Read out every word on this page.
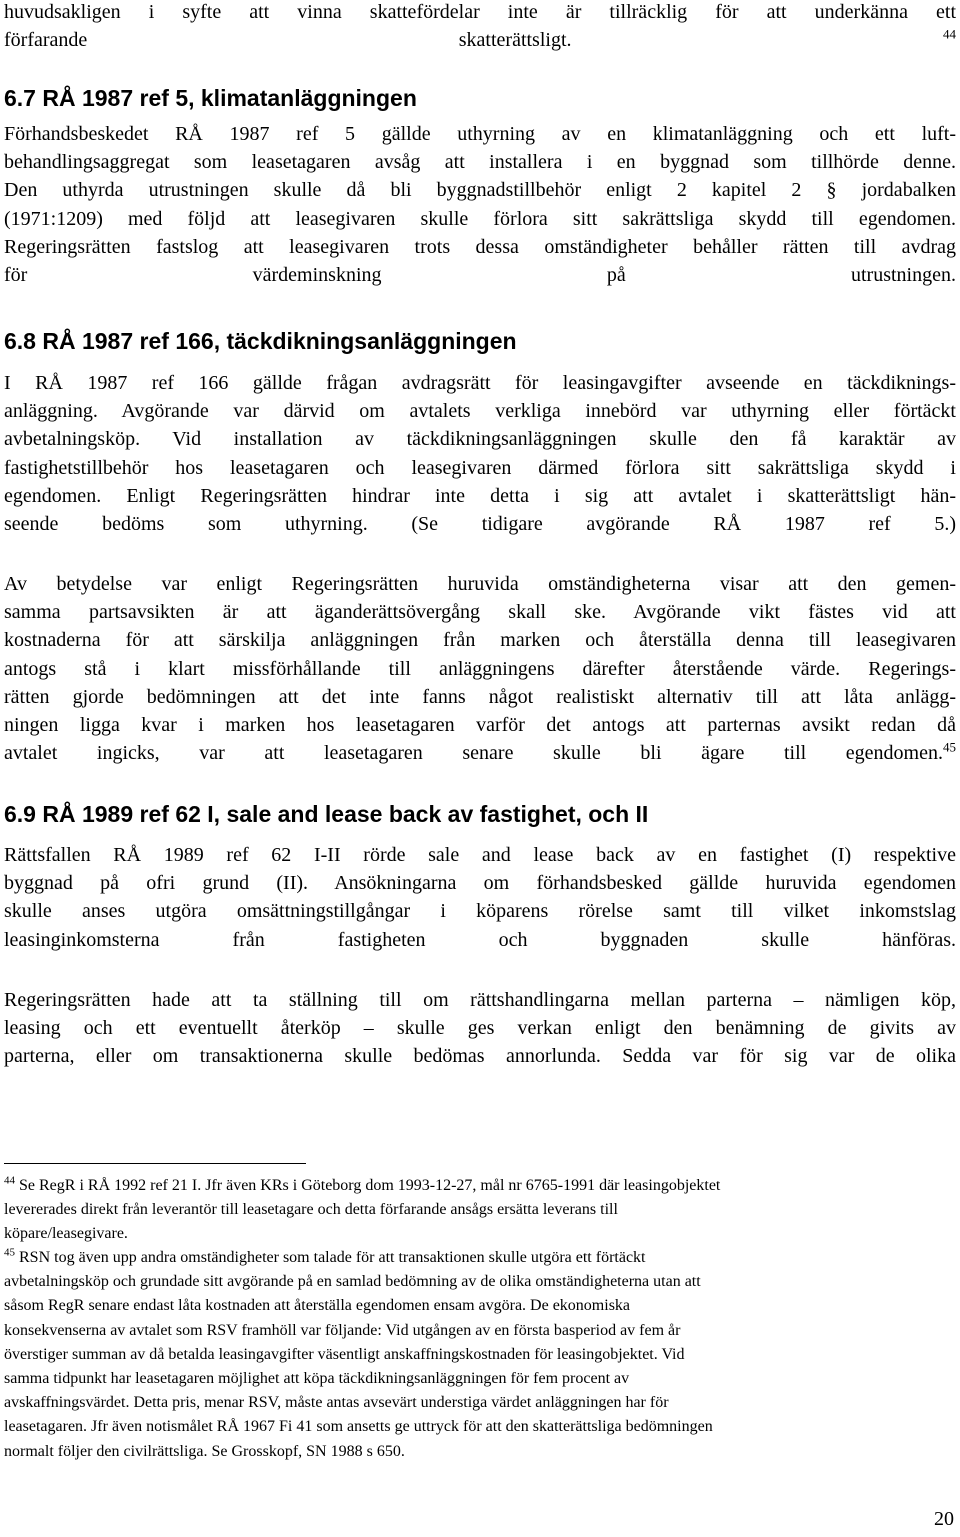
huvudsakligen i syfte att vinna skattefördelar inte är tillräcklig för att underkänna ett
förfarande skatterättsligt.	$^{44}$
6.7 RÅ 1987 ref 5, klimatanläggningen
Förhandsbeskedet RÅ 1987 ref 5 gällde uthyrning av en klimatanläggning och ett luft-
behandlingsaggregat som leasetagaren avsåg att installera i en byggnad som tillhörde denne.
Den uthyrda utrustningen skulle då bli byggnadstillbehör enligt 2 kapitel 2 § jordabalken
(1971:1209) med följd att leasegivaren skulle förlora sitt sakrättsliga skydd till egendomen.
Regeringsrätten fastslog att leasegivaren trots dessa omständigheter behåller rätten till avdrag
för värdeminskning på utrustningen.
6.8 RÅ 1987 ref 166, täckdikningsanläggningen
I RÅ 1987 ref 166 gällde frågan avdragsrätt för leasingavgifter avseende en täckdiknings-
anläggning. Avgörande var därvid om avtalets verkliga innebörd var uthyrning eller förtäckt
avbetalningsköp. Vid installation av täckdikningsanläggningen skulle den få karaktär av
fastighetstillbehör hos leasetagaren och leasegivaren därmed förlora sitt sakrättsliga skydd i
egendomen. Enligt Regeringsrätten hindrar inte detta i sig att avtalet i skatterättsligt hän-
seende bedöms som uthyrning. (Se tidigare avgörande RÅ 1987 ref 5.)
Av betydelse var enligt Regeringsrätten huruvida omständigheterna visar att den gemen-
samma partsavsikten är att äganderättsövergång skall ske. Avgörande vikt fästes vid att
kostnaderna för att särskilja anläggningen från marken och återställa denna till leasegivaren
antogs stå i klart missförhållande till anläggningens därefter återstående värde. Regerings-
rätten gjorde bedömningen att det inte fanns något realistiskt alternativ till att låta anlägg-
ningen ligga kvar i marken hos leasetagaren varför det antogs att parternas avsikt redan då
avtalet ingicks, var att leasetagaren senare skulle bli ägare till egendomen.$^{45}$
6.9 RÅ 1989 ref 62 I, sale and lease back av fastighet, och II
Rättsfallen RÅ 1989 ref 62 I-II rörde sale and lease back av en fastighet (I) respektive
byggnad på ofri grund (II). Ansökningarna om förhandsbesked gällde huruvida egendomen
skulle anses utgöra omsättningstillgångar i köparens rörelse samt till vilket inkomstslag
leasinginkomsterna från fastigheten och byggnaden skulle hänföras.
Regeringsrätten hade att ta ställning till om rättshandlingarna mellan parterna – nämligen köp,
leasing och ett eventuellt återköp – skulle ges verkan enligt den benämning de givits av
parterna, eller om transaktionerna skulle bedömas annorlunda. Sedda var för sig var de olika
$^{44}$ Se RegR i RÅ 1992 ref 21 I. Jfr även KRs i Göteborg dom 1993-12-27, mål nr 6765-1991 där leasingobjektet
levererades direkt från leverantör till leasetagare och detta förfarande ansågs ersätta leverans till
köpare/leasegivare.
$^{45}$ RSN tog även upp andra omständigheter som talade för att transaktionen skulle utgöra ett förtäckt
avbetalningsköp och grundade sitt avgörande på en samlad bedömning av de olika omständigheterna utan att
såsom RegR senare endast låta kostnaden att återställa egendomen ensam avgöra. De ekonomiska
konsekvenserna av avtalet som RSV framhöll var följande: Vid utgången av en första basperiod av fem år
överstiger summan av då betalda leasingavgifter väsentligt anskaffningskostnaden för leasingobjektet. Vid
samma tidpunkt har leasetagaren möjlighet att köpa täckdikningsanläggningen för fem procent av
avskaffningsvärdet. Detta pris, menar RSV, måste antas avsevärt understiga värdet anläggningen har för
leasetagaren. Jfr även notismålet RÅ 1967 Fi 41 som ansetts ge uttryck för att den skatterättsliga bedömningen
normalt följer den civilrättsliga. Se Grosskopf, SN 1988 s 650.
20
